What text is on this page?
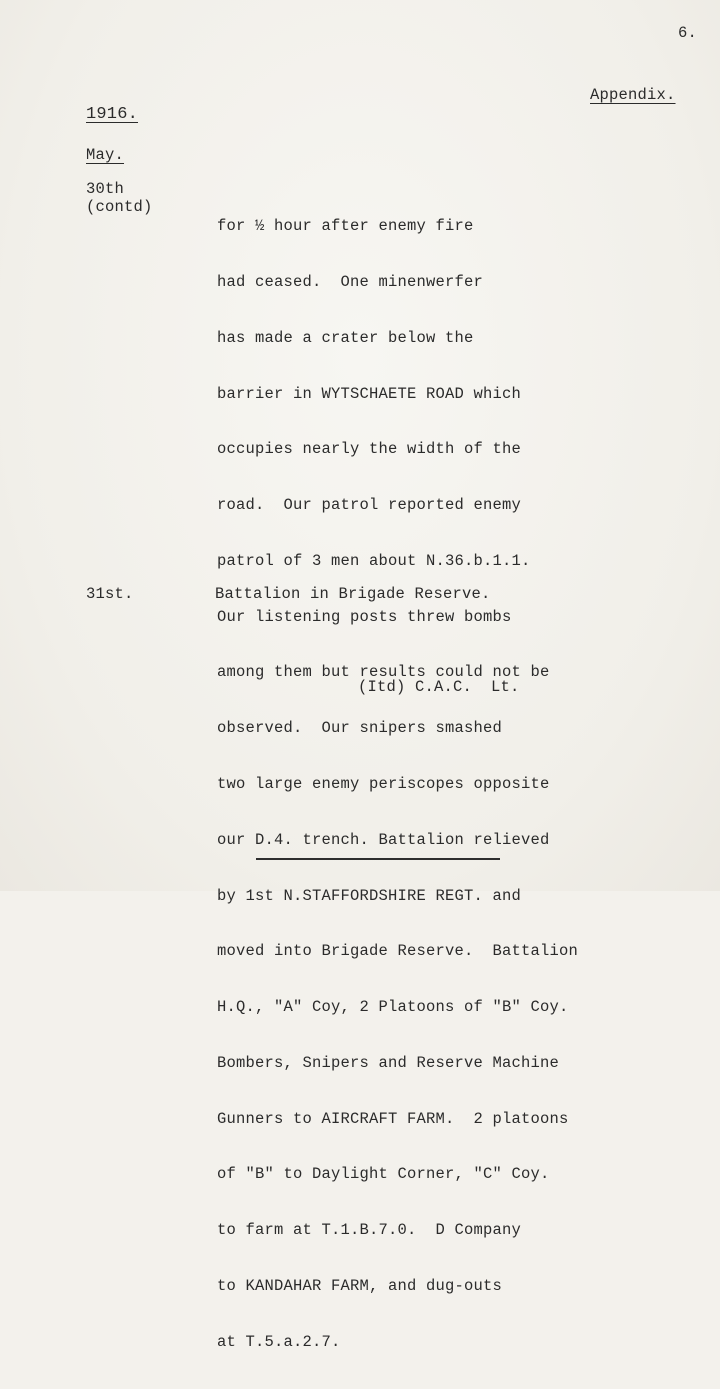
6.
Appendix.
1916.
May.
30th
(contd)

for ½ hour after enemy fire

had ceased.  One minenwerfer

has made a crater below the

barrier in WYTSCHAETE ROAD which

occupies nearly the width of the

road.  Our patrol reported enemy

patrol of 3 men about N.36.b.1.1.

Our listening posts threw bombs

among them but results could not be

observed.  Our snipers smashed

two large enemy periscopes opposite

our D.4. trench. Battalion relieved

by 1st N.STAFFORDSHIRE REGT. and

moved into Brigade Reserve.  Battalion

H.Q., "A" Coy, 2 Platoons of "B" Coy.

Bombers, Snipers and Reserve Machine

Gunners to AIRCRAFT FARM.  2 platoons

of "B" to Daylight Corner, "C" Coy.

to farm at T.1.B.7.0.  D Company

to KANDAHAR FARM, and dug-outs

at T.5.a.2.7.

31st.	Battalion in Brigade Reserve.
(Itd) C.A.C.  Lt.
